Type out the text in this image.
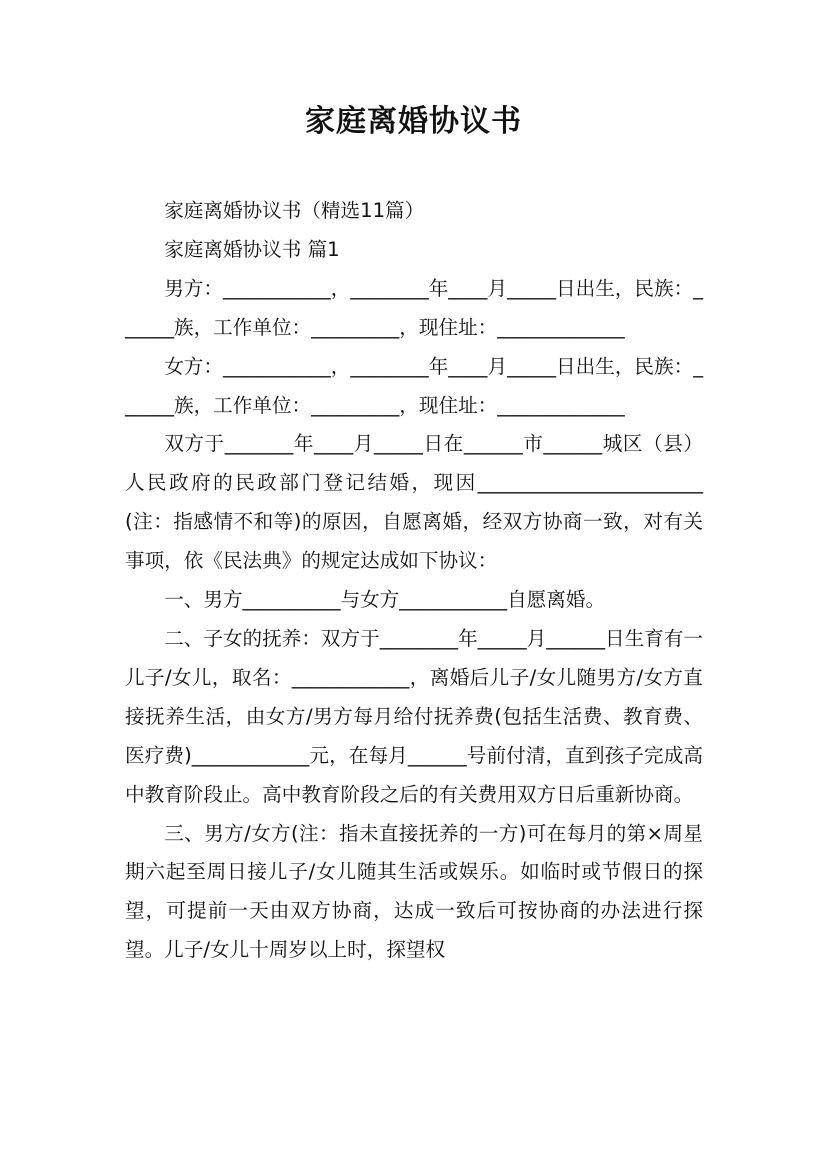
家庭离婚协议书

家庭离婚协议书（精选11篇）

家庭离婚协议书 篇1

男方：___________，________年____月_____日出生，民族：______族，工作单位：_________，现住址：_____________

女方：___________，________年____月_____日出生，民族：______族，工作单位：_________，现住址：_____________

双方于_______年____月_____日在______市______城区（县）人民政府的民政部门登记结婚，现因_______________________(注：指感情不和等)的原因，自愿离婚，经双方协商一致，对有关事项，依《民法典》的规定达成如下协议：

一、男方__________与女方___________自愿离婚。

二、子女的抚养：双方于________年_____月______日生育有一儿子/女儿，取名：____________，离婚后儿子/女儿随男方/女方直接抚养生活，由女方/男方每月给付抚养费(包括生活费、教育费、医疗费)____________元，在每月______号前付清，直到孩子完成高中教育阶段止。高中教育阶段之后的有关费用双方日后重新协商。

三、男方/女方(注：指未直接抚养的一方)可在每月的第×周星期六起至周日接儿子/女儿随其生活或娱乐。如临时或节假日的探望，可提前一天由双方协商，达成一致后可按协商的办法进行探望。儿子/女儿十周岁以上时，探望权
